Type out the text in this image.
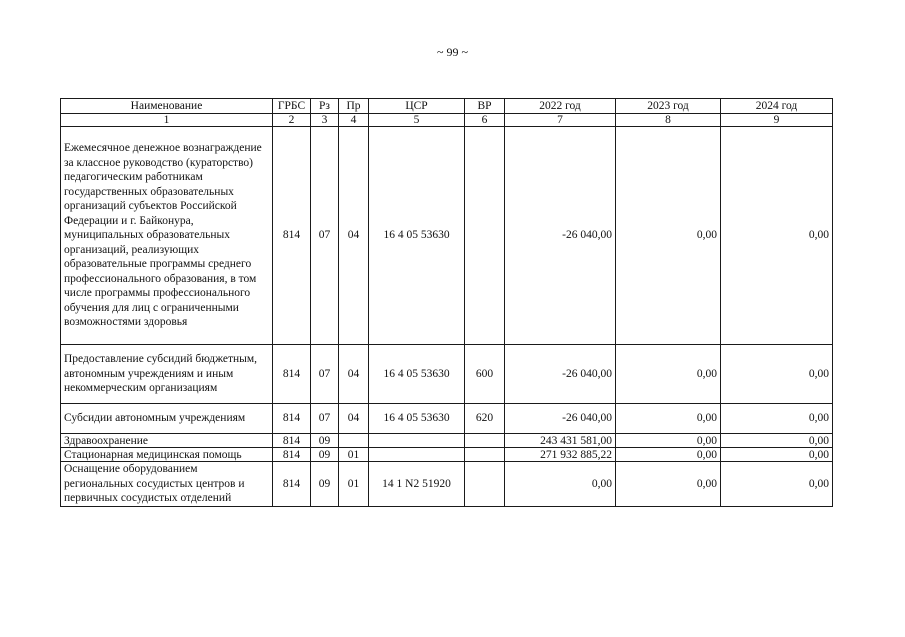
~ 99 ~
Наименование	ГРБС	Рз	Пр	ЦСР	ВР	2022 год	2023 год	2024 год
1	2	3	4	5	6	7	8	9
Ежемесячное денежное вознаграждение за классное руководство (кураторство) педагогическим работникам государственных образовательных организаций субъектов Российской Федерации и г. Байконура, муниципальных образовательных организаций, реализующих образовательные программы среднего профессионального образования, в том числе программы профессионального обучения для лиц с ограниченными возможностями здоровья	814	07	04	16 4 05 53630		-26 040,00	0,00	0,00
Предоставление субсидий бюджетным, автономным учреждениям и иным некоммерческим организациям	814	07	04	16 4 05 53630	600	-26 040,00	0,00	0,00
Субсидии автономным учреждениям	814	07	04	16 4 05 53630	620	-26 040,00	0,00	0,00
Здравоохранение	814	09				243 431 581,00	0,00	0,00
Стационарная медицинская помощь	814	09	01			271 932 885,22	0,00	0,00
Оснащение оборудованием региональных сосудистых центров и первичных сосудистых отделений	814	09	01	14 1 N2 51920		0,00	0,00	0,00
